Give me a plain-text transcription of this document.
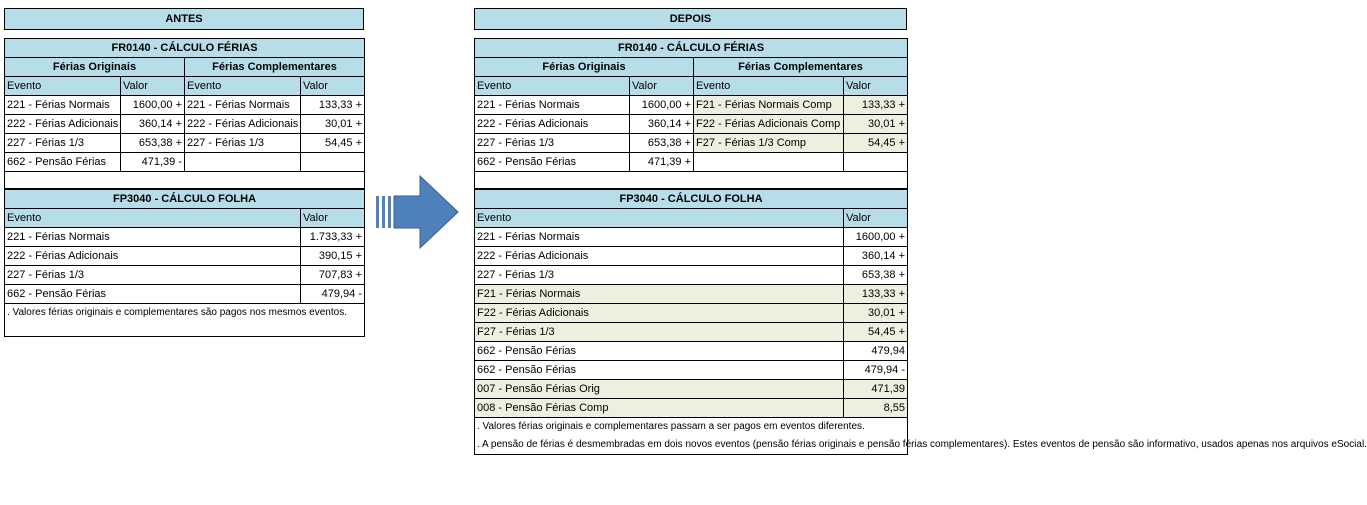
ANTES
FR0140 - CÁLCULO FÉRIAS			
Férias Originais		Férias Complementares	
Evento	Valor	Evento	Valor
221 - Férias Normais	1600,00 +	221 - Férias Normais	133,33 +
222 - Férias Adicionais	360,14 +	222 - Férias Adicionais	30,01 +
227 - Férias 1/3	653,38 +	227 - Férias 1/3	54,45 +
662 - Pensão Férias	471,39 -		

FP3040 - CÁLCULO FOLHA	
Evento	Valor
221 - Férias Normais	1.733,33 +
222 - Férias Adicionais	390,15 +
227 - Férias 1/3	707,83 +
662 - Pensão Férias	479,94 -
. Valores férias originais e complementares são pagos nos mesmos eventos.	
DEPOIS
FR0140 - CÁLCULO FÉRIAS			
Férias Originais		Férias Complementares	
Evento	Valor	Evento	Valor
221 - Férias Normais	1600,00 +	F21 - Férias Normais Comp	133,33 +
222 - Férias Adicionais	360,14 +	F22 - Férias Adicionais Comp	30,01 +
227 - Férias 1/3	653,38 +	F27 - Férias 1/3 Comp	54,45 +
662 - Pensão Férias	471,39 +		

FP3040 - CÁLCULO FOLHA	
Evento	Valor
221 - Férias Normais	1600,00 +
222 - Férias Adicionais	360,14 +
227 - Férias 1/3	653,38 +
F21 - Férias Normais	133,33 +
F22 - Férias Adicionais	30,01 +
F27 - Férias 1/3	54,45 +
662 - Pensão Férias	479,94
662 - Pensão Férias	479,94 -
007 - Pensão Férias Orig	471,39
008 - Pensão Férias Comp	8,55

. Valores férias originais e complementares passam a ser pagos em eventos diferentes.
. A pensão de férias é desmembradas em dois novos eventos (pensão férias originais e pensão férias complementares). Estes eventos de pensão são informativo, usados apenas nos arquivos eSocial.	
